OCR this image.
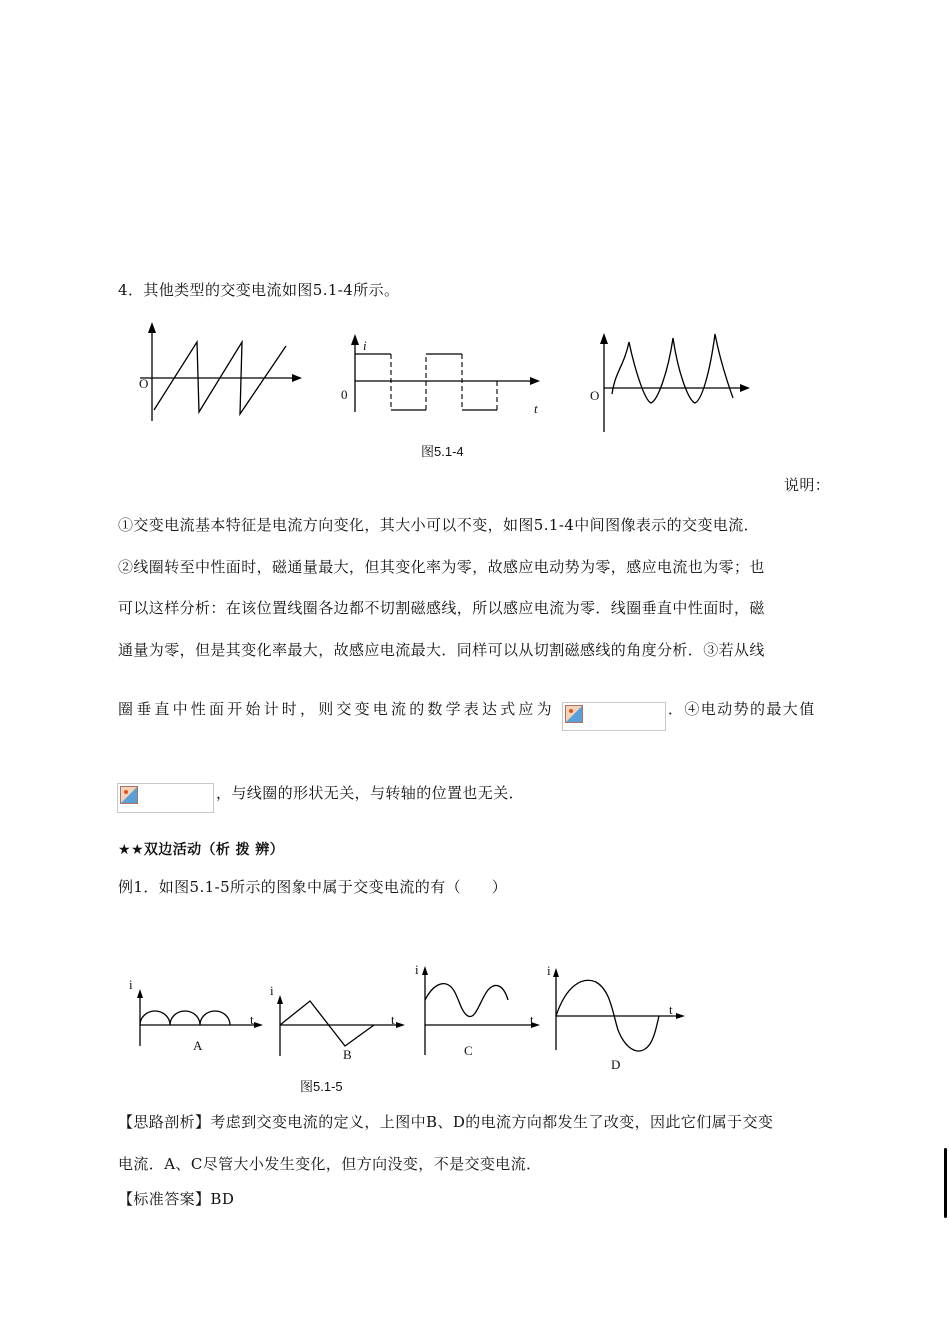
4．其他类型的交变电流如图5.1-4所示。
O
i
t
0	O
图5.1-4
说明：
①交变电流基本特征是电流方向变化，其大小可以不变，如图5.1-4中间图像表示的交变电流．
②线圈转至中性面时，磁通量最大，但其变化率为零，故感应电动势为零，感应电流也为零；也
可以这样分析：在该位置线圈各边都不切割磁感线，所以感应电流为零．线圈垂直中性面时，磁
通量为零，但是其变化率最大，故感应电流最大．同样可以从切割磁感线的角度分析．③若从线
圈垂直中性面开始计时，则交变电流的数学表达式应为	．④电动势的最大值
，与线圈的形状无关，与转轴的位置也无关．
★★双边活动（析 拨 辨）
例1．如图5.1-5所示的图象中属于交变电流的有（　　）
i
t
A
i
t
B
i
t
C
i
t
D
图5.1-5
【思路剖析】考虑到交变电流的定义，上图中B、D的电流方向都发生了改变，因此它们属于交变
电流．A、C尽管大小发生变化，但方向没变，不是交变电流．
【标准答案】BD
